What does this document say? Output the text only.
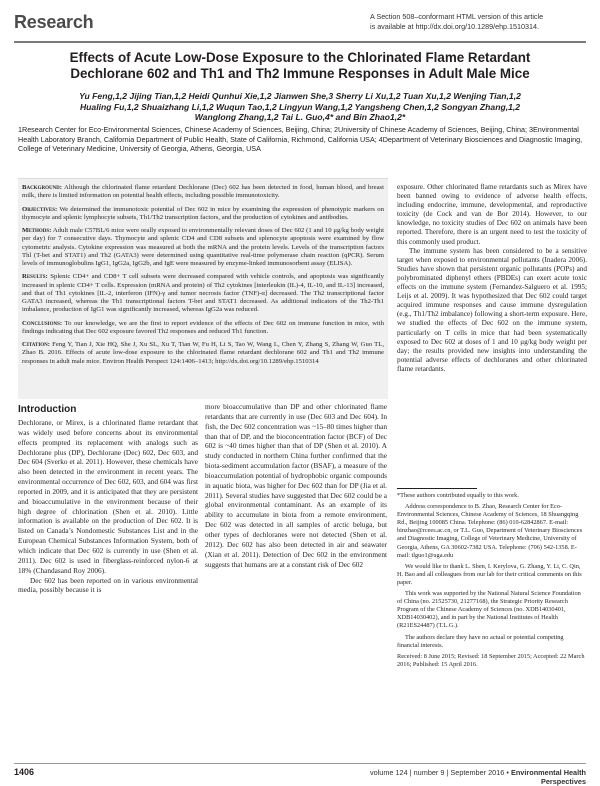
Research	A Section 508–conformant HTML version of this article
is available at http://dx.doi.org/10.1289/ehp.1510314.
Effects of Acute Low-Dose Exposure to the Chlorinated Flame Retardant
Dechlorane 602 and Th1 and Th2 Immune Responses in Adult Male Mice
Yu Feng,1,2 Jijing Tian,1,2 Heidi Qunhui Xie,1,2 Jianwen She,3 Sherry Li Xu,1,2 Tuan Xu,1,2 Wenjing Tian,1,2
Hualing Fu,1,2 Shuaizhang Li,1,2 Wuqun Tao,1,2 Lingyun Wang,1,2 Yangsheng Chen,1,2 Songyan Zhang,1,2
Wanglong Zhang,1,2 Tai L. Guo,4* and Bin Zhao1,2*
1Research Center for Eco-Environmental Sciences, Chinese Academy of Sciences, Beijing, China; 2University of Chinese Academy of Sciences, Beijing, China; 3Environmental Health Laboratory Branch, California Department of Public Health, State of California, Richmond, California USA; 4Department of Veterinary Biosciences and Diagnostic Imaging, College of Veterinary Medicine, University of Georgia, Athens, Georgia, USA

Background: Although the chlorinated flame retardant Dechlorane (Dec) 602 has been detected in food, human blood, and breast milk, there is limited information on potential health effects, including possible immunotoxicity.

Objectives: We determined the immunotoxic potential of Dec 602 in mice by examining the expression of phenotypic markers on thymocyte and splenic lymphocyte subsets, Th1/Th2 transcription factors, and the production of cytokines and antibodies.

Methods: Adult male C57BL/6 mice were orally exposed to environmentally relevant doses of Dec 602 (1 and 10 μg/kg body weight per day) for 7 consecutive days. Thymocyte and splenic CD4 and CD8 subsets and splenocyte apoptosis were examined by flow cytometric analysis. Cytokine expression was measured at both the mRNA and the protein levels. Levels of the transcription factors Thl (T-bet and STAT1) and Th2 (GATA3) were determined using quantitative real-time polymerase chain reaction (qPCR). Serum levels of immunoglobulins IgG1, IgG2a, IgG2b, and IgE were measured by enzyme-linked immunosorbent assay (ELISA).

Results: Splenic CD4+ and CD8+ T cell subsets were decreased compared with vehicle controls, and apoptosis was significantly increased in splenic CD4+ T cells. Expression (mRNA and protein) of Th2 cytokines [interleukin (IL)-4, IL-10, and IL-13] increased, and that of Th1 cytokines [IL-2, interferon (IFN)-γ and tumor necrosis factor (TNF)-α] decreased. The Th2 transcriptional factor GATA3 increased, whereas the Th1 transcriptional factors T-bet and STAT1 decreased. As additional indicators of the Th2-Th1 imbalance, production of IgG1 was significantly increased, whereas IgG2a was reduced.

Conclusions: To our knowledge, we are the first to report evidence of the effects of Dec 602 on immune function in mice, with findings indicating that Dec 602 exposure favored Th2 responses and reduced Th1 function.

Citation: Feng Y, Tian J, Xie HQ, She J, Xu SL, Xu T, Tian W, Fu H, Li S, Tao W, Wang L, Chen Y, Zhang S, Zhang W, Guo TL, Zhao B. 2016. Effects of acute low-dose exposure to the chlorinated flame retardant dechlorane 602 and Th1 and Th2 immune responses in adult male mice. Environ Health Perspect 124:1406–1413; http://dx.doi.org/10.1289/ehp.1510314

exposure. Other chlorinated flame retardants such as Mirex have been banned owing to evidence of adverse health effects, including endocrine, immune, developmental, and reproductive toxicity (de Cock and van de Bor 2014). However, to our knowledge, no toxicity studies of Dec 602 on animals have been reported. Therefore, there is an urgent need to test the toxicity of this commonly used product.

The immune system has been considered to be a sensitive target when exposed to environmental pollutants (Inadera 2006). Studies have shown that persistent organic pollutants (POPs) and polybrominated diphenyl ethers (PBDEs) can exert acute toxic effects on the immune system (Fernandez-Salguero et al. 1995; Leijs et al. 2009). It was hypothesized that Dec 602 could target acquired immune responses and cause immune dysregulation (e.g., Th1/Th2 imbalance) following a short-term exposure. Here, we studied the effects of Dec 602 on the immune system, particularly on T cells in mice that had been systematically exposed to Dec 602 at doses of 1 and 10 μg/kg body weight per day; the results provided new insights into understanding the potential adverse effects of dechloranes and other chlorinated flame retardants.

Introduction

Dechlorane, or Mirex, is a chlorinated flame retardant that was widely used before concerns about its environmental effects prompted its replacement with analogs such as Dechlorane plus (DP), Dechlorane (Dec) 602, Dec 603, and Dec 604 (Sverko et al. 2011). However, these chemicals have also been detected in the environment in recent years. The environmental occurrence of Dec 602, 603, and 604 was first reported in 2009, and it is anticipated that they are persistent and bioaccumulative in the environment because of their high degree of chlorination (Shen et al. 2010). Little information is available on the production of Dec 602. It is listed on Canada’s Nondomestic Substances List and in the European Chemical Substances Information System, both of which indicate that Dec 602 is currently in use (Shen et al. 2011). Dec 602 is used in fiberglass-reinforced nylon-6 at 18% (Chandasand Roy 2006).

Dec 602 has been reported on in various environmental media, possibly because it is

more bioaccumulative than DP and other chlorinated flame retardants that are currently in use (Dec 603 and Dec 604). In fish, the Dec 602 concentration was ~15–80 times higher than than that of DP, and the bioconcentration factor (BCF) of Dec 602 is ~40 times higher than that of DP (Shen et al. 2010). A study conducted in northern China further confirmed that the biota-sediment accumulation factor (BSAF), a measure of the bioaccumulation potential of hydrophobic organic compounds in aquatic biota, was higher for Dec 602 than for DP (Jia et al. 2011). Several studies have suggested that Dec 602 could be a global environmental contaminant. As an example of its ability to accumulate in biota from a remote environment, Dec 602 was detected in all samples of arctic beluga, but other types of dechloranes were not detected (Shen et al. 2012). Dec 602 has also been detected in air and seawater (Xian et al. 2011). Detection of Dec 602 in the environment suggests that humans are at a constant risk of Dec 602

*These authors contributed equally to this work.

Address correspondence to B. Zhao, Research Center for Eco-Environmental Sciences, Chinese Academy of Sciences, 18 Shuangqing Rd., Beijing 100085 China. Telephone: (86) 010-62842867. E-mail: binzhao@rcees.ac.cn, or T.L. Guo, Department of Veterinary Biosciences and Diagnostic Imaging, College of Veterinary Medicine, University of Georgia, Athens, GA 30602-7382 USA. Telephone: (706) 542-1358. E-mail: tlguo1@uga.edu

We would like to thank L. Shen, I. Kerylova, G. Zhang, Y. Li, C. Qin, H. Bao and all colleagues from our lab for their critical comments on this paper.

This work was supported by the National Natural Science Foundation of China (no. 21525730, 21277168), the Strategic Priority Research Program of the Chinese Academy of Sciences (no. XDB14030401, XDB14030402), and in part by the National Institutes of Health (R21ES24487) (T.L.G.).

The authors declare they have no actual or potential competing financial interests.

Received: 8 June 2015; Revised: 18 September 2015; Accepted: 22 March 2016; Published: 15 April 2016.

1406	volume 124 | number 9 | September 2016 • Environmental Health Perspectives
